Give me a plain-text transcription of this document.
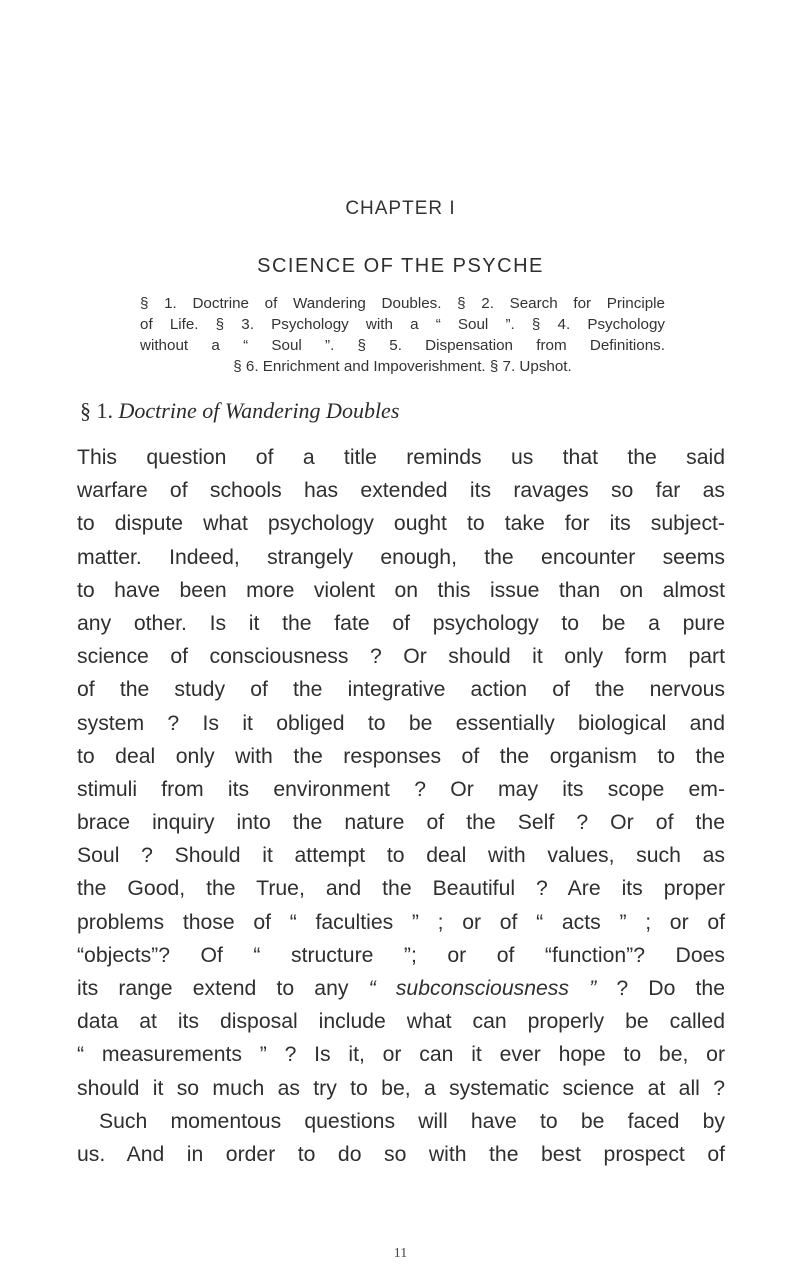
CHAPTER I
SCIENCE OF THE PSYCHE
§ 1. Doctrine of Wandering Doubles. § 2. Search for Principle
of Life. § 3. Psychology with a “ Soul ”. § 4. Psychology
without a “ Soul ”. § 5. Dispensation from Definitions.
§ 6. Enrichment and Impoverishment. § 7. Upshot.
§ 1. Doctrine of Wandering Doubles
This question of a title reminds us that the said
warfare of schools has extended its ravages so far as
to dispute what psychology ought to take for its subject-
matter. Indeed, strangely enough, the encounter seems
to have been more violent on this issue than on almost
any other. Is it the fate of psychology to be a pure
science of consciousness ? Or should it only form part
of the study of the integrative action of the nervous
system ? Is it obliged to be essentially biological and
to deal only with the responses of the organism to the
stimuli from its environment ? Or may its scope em-
brace inquiry into the nature of the Self ? Or of the
Soul ? Should it attempt to deal with values, such as
the Good, the True, and the Beautiful ? Are its proper
problems those of “ faculties ” ; or of “ acts ” ; or of
“objects”? Of “ structure ”; or of “function”? Does
its range extend to any “ subconsciousness ” ? Do the
data at its disposal include what can properly be called
“ measurements ” ? Is it, or can it ever hope to be, or
should it so much as try to be, a systematic science at all ?
Such momentous questions will have to be faced by
us. And in order to do so with the best prospect of
11
